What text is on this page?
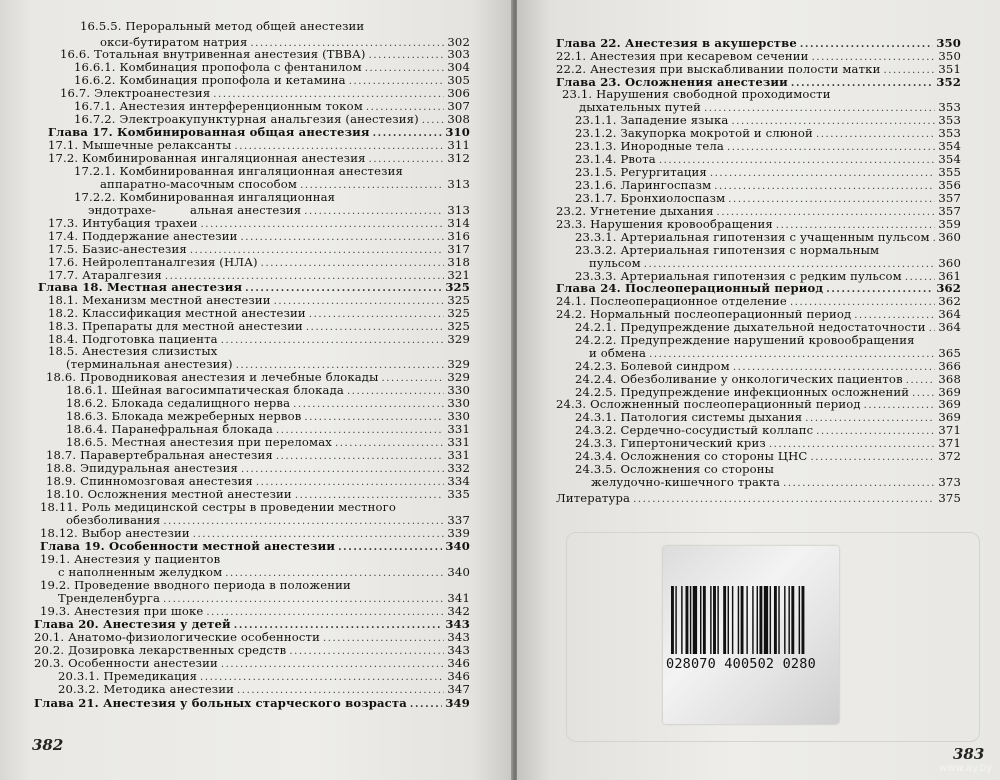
16.5.5. Пероральный метод общей анестезии
окси-бутиратом натрия .....	302
16.6. Тотальная внутривенная анестезия (ТВВА) .....	303
16.6.1. Комбинация пропофола с фентанилом .....	304
16.6.2. Комбинация пропофола и кетамина .....	305
16.7. Электроанестезия .....	306
16.7.1. Анестезия интерференционным током .....	307
16.7.2. Электроакупунктурная анальгезия (анестезия) ..... 308
Глава 17. Комбинированная общая анестезия .....	310
17.1. Мышечные релаксанты .....	311
17.2. Комбинированная ингаляционная анестезия .....	312
17.2.1. Комбинированная ингаляционная анестезия
аппаратно-масочным способом .....	313
17.2.2. Комбинированная ингаляционная
эндотрахе-	альная анестезия .....	313
17.3. Интубация трахеи .....	314
17.4. Поддержание анестезии .....	316
17.5. Базис-анестезия .....	317
17.6. Нейролептаналгезия (НЛА) .....	318
17.7. Атаралгезия .....	321
Глава 18. Местная анестезия .....	325
18.1. Механизм местной анестезии .....	325
18.2. Классификация местной анестезии .....	325
18.3. Препараты для местной анестезии .....	325
18.4. Подготовка пациента .....	329
18.5. Анестезия слизистых
(терминальная анестезия) .....	329
18.6. Проводниковая анестезия и лечебные блокады .....	329
18.6.1. Шейная вагосимпатическая блокада .....	330
18.6.2. Блокада седалищного нерва .....	330
18.6.3. Блокада межреберных нервов .....	330
18.6.4. Паранефральная блокада .....	331
18.6.5. Местная анестезия при переломах .....	331
18.7. Паравертебральная анестезия .....	331
18.8. Эпидуральная анестезия .....	332
18.9. Спинномозговая анестезия .....	334
18.10. Осложнения местной анестезии .....	335
18.11. Роль медицинской сестры в проведении местного
обезболивания .....	337
18.12. Выбор анестезии .....	339
Глава 19. Особенности местной анестезии .....	340
19.1. Анестезия у пациентов
с наполненным желудком .....	340
19.2. Проведение вводного периода в положении
Тренделенбурга .....	341
19.3. Анестезия при шоке .....	342
Глава 20. Анестезия у детей .....	343
20.1. Анатомо-физиологические особенности .....	343
20.2. Дозировка лекарственных средств .....	343
20.3. Особенности анестезии .....	346
20.3.1. Премедикация .....	346
20.3.2. Методика анестезии .....	347
Глава 21. Анестезия у больных старческого возраста .....	349
382
Глава 22. Анестезия в акушерстве .....	350
22.1. Анестезия при кесаревом сечении .....	350
22.2. Анестезия при выскабливании полости матки .....	351
Глава 23. Осложнения анестезии .....	352
23.1. Нарушения свободной проходимости
дыхательных путей .....	353
23.1.1. Западение языка .....	353
23.1.2. Закупорка мокротой и слюной .....	353
23.1.3. Инородные тела .....	354
23.1.4. Рвота .....	354
23.1.5. Регургитация .....	355
23.1.6. Ларингоспазм .....	356
23.1.7. Бронхиолоспазм .....	357
23.2. Угнетение дыхания .....	357
23.3. Нарушения кровообращения .....	359
23.3.1. Артериальная гипотензия с учащенным пульсом ..... 360
23.3.2. Артериальная гипотензия с нормальным
пульсом .....	360
23.3.3. Артериальная гипотензия с редким пульсом .....	361
Глава 24. Послеоперационный период .....	362
24.1. Послеоперационное отделение .....	362
24.2. Нормальный послеоперационный период .....	364
24.2.1. Предупреждение дыхательной недостаточности ..... 364
24.2.2. Предупреждение нарушений кровообращения
и обмена .....	365
24.2.3. Болевой синдром .....	366
24.2.4. Обезболивание у онкологических пациентов .....	368
24.2.5. Предупреждение инфекционных осложнений .....	369
24.3. Осложненный послеоперационный период .....	369
24.3.1. Патология системы дыхания .....	369
24.3.2. Сердечно-сосудистый коллапс .....	371
24.3.3. Гипертонический криз .....	371
24.3.4. Осложнения со стороны ЦНС .....	372
24.3.5. Осложнения со стороны
желудочно-кишечного тракта .....	373
Литература .....	375
383
028070 400502 0280
www.ay.by
